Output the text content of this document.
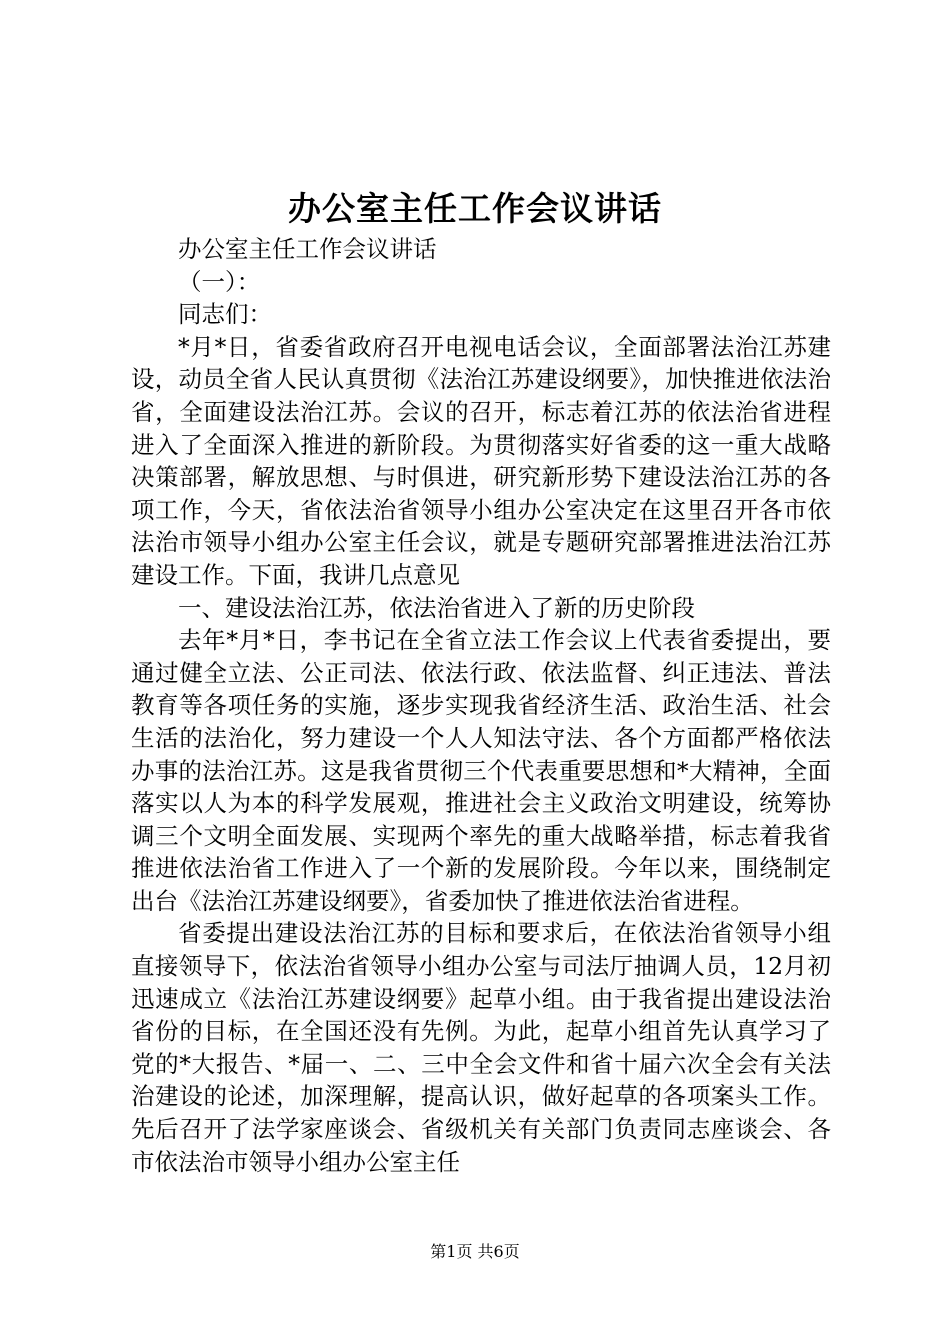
办公室主任工作会议讲话

办公室主任工作会议讲话

（一）：

同志们：

*月*日，省委省政府召开电视电话会议，全面部署法治江苏建设，动员全省人民认真贯彻《法治江苏建设纲要》，加快推进依法治省，全面建设法治江苏。会议的召开，标志着江苏的依法治省进程进入了全面深入推进的新阶段。为贯彻落实好省委的这一重大战略决策部署，解放思想、与时俱进，研究新形势下建设法治江苏的各项工作，今天，省依法治省领导小组办公室决定在这里召开各市依法治市领导小组办公室主任会议，就是专题研究部署推进法治江苏建设工作。下面，我讲几点意见

一、建设法治江苏，依法治省进入了新的历史阶段

去年*月*日，李书记在全省立法工作会议上代表省委提出，要通过健全立法、公正司法、依法行政、依法监督、纠正违法、普法教育等各项任务的实施，逐步实现我省经济生活、政治生活、社会生活的法治化，努力建设一个人人知法守法、各个方面都严格依法办事的法治江苏。这是我省贯彻三个代表重要思想和*大精神，全面落实以人为本的科学发展观，推进社会主义政治文明建设，统筹协调三个文明全面发展、实现两个率先的重大战略举措，标志着我省推进依法治省工作进入了一个新的发展阶段。今年以来，围绕制定出台《法治江苏建设纲要》，省委加快了推进依法治省进程。

省委提出建设法治江苏的目标和要求后，在依法治省领导小组直接领导下，依法治省领导小组办公室与司法厅抽调人员，12月初迅速成立《法治江苏建设纲要》起草小组。由于我省提出建设法治省份的目标，在全国还没有先例。为此，起草小组首先认真学习了党的*大报告、*届一、二、三中全会文件和省十届六次全会有关法治建设的论述，加深理解，提高认识，做好起草的各项案头工作。先后召开了法学家座谈会、省级机关有关部门负责同志座谈会、各市依法治市领导小组办公室主任

第1页 共6页
